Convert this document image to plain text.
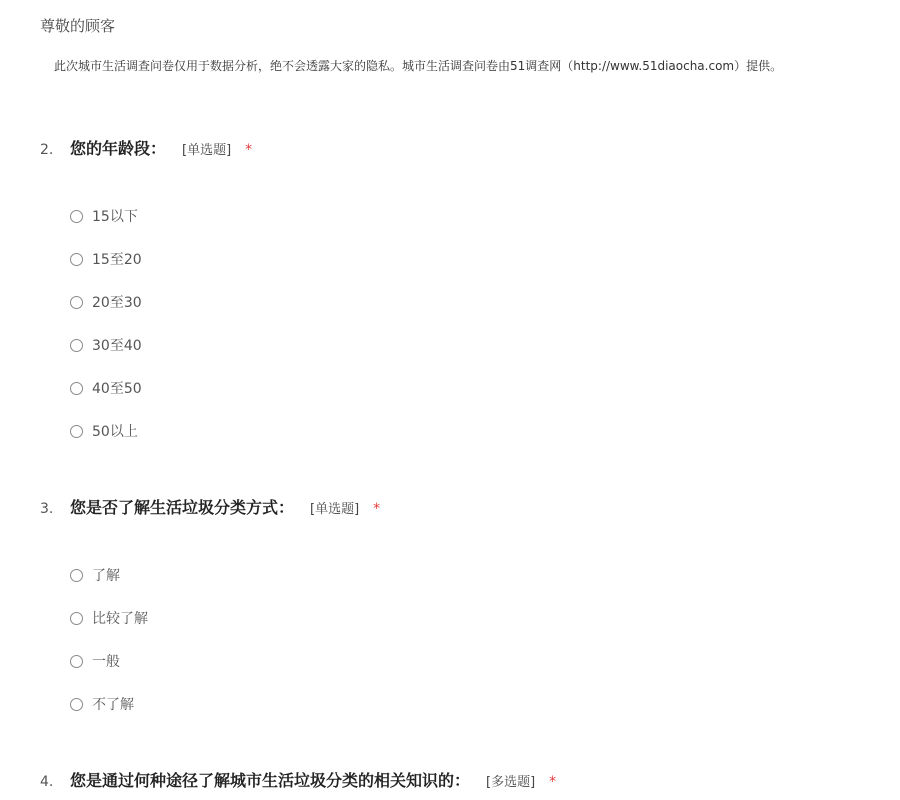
尊敬的顾客
此次城市生活调查问卷仅用于数据分析，绝不会透露大家的隐私。城市生活调查问卷由51调查网（http://www.51diaocha.com）提供。
2.	您的年龄段： [单选题] *
15以下
15至20
20至30
30至40
40至50
50以上
3.	您是否了解生活垃圾分类方式： [单选题] *
了解
比较了解
一般
不了解
4.	您是通过何种途径了解城市生活垃圾分类的相关知识的： [多选题] *
